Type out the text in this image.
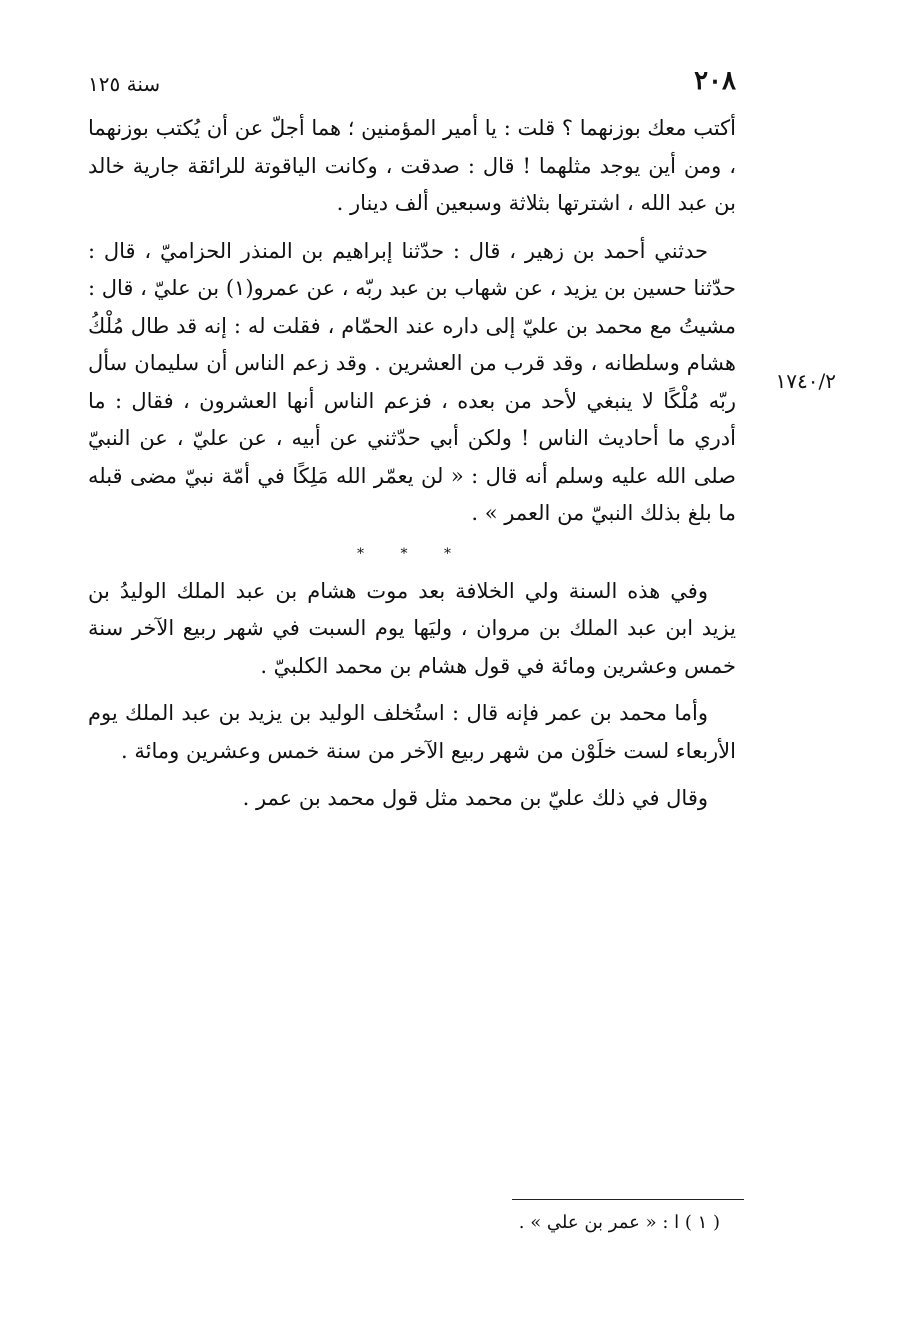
٢٠٨
سنة ١٢٥
١٧٤٠/٢

أكتب معك بوزنهما ؟ قلت : يا أمير المؤمنين ؛ هما أجلّ عن أن يُكتب بوزنهما ، ومن أين يوجد مثلهما ! قال : صدقت ، وكانت الياقوتة للرائقة جارية خالد بن عبد الله ، اشترتها بثلاثة وسبعين ألف دينار .

حدثني أحمد بن زهير ، قال : حدّثنا إبراهيم بن المنذر الحزاميّ ، قال : حدّثنا حسين بن يزيد ، عن شهاب بن عبد ربّه ، عن عمرو(١) بن عليّ ، قال : مشيتُ مع محمد بن عليّ إلى داره عند الحمّام ، فقلت له : إنه قد طال مُلْكُ هشام وسلطانه ، وقد قرب من العشرين . وقد زعم الناس أن سليمان سأل ربّه مُلْكًا لا ينبغي لأحد من بعده ، فزعم الناس أنها العشرون ، فقال : ما أدري ما أحاديث الناس ! ولكن أبي حدّثني عن أبيه ، عن عليّ ، عن النبيّ صلى الله عليه وسلم أنه قال : « لن يعمّر الله مَلِكًا في أمّة نبيّ مضى قبله ما بلغ بذلك النبيّ من العمر » .

* * *

وفي هذه السنة ولي الخلافة بعد موت هشام بن عبد الملك الوليدُ بن يزيد ابن عبد الملك بن مروان ، وليَها يوم السبت في شهر ربيع الآخر سنة خمس وعشرين ومائة في قول هشام بن محمد الكلبيّ .

وأما محمد بن عمر فإنه قال : استُخلف الوليد بن يزيد بن عبد الملك يوم الأربعاء لست خلَوْن من شهر ربيع الآخر من سنة خمس وعشرين ومائة .

وقال في ذلك عليّ بن محمد مثل قول محمد بن عمر .

( ١ ) ا : « عمر بن علي » .
